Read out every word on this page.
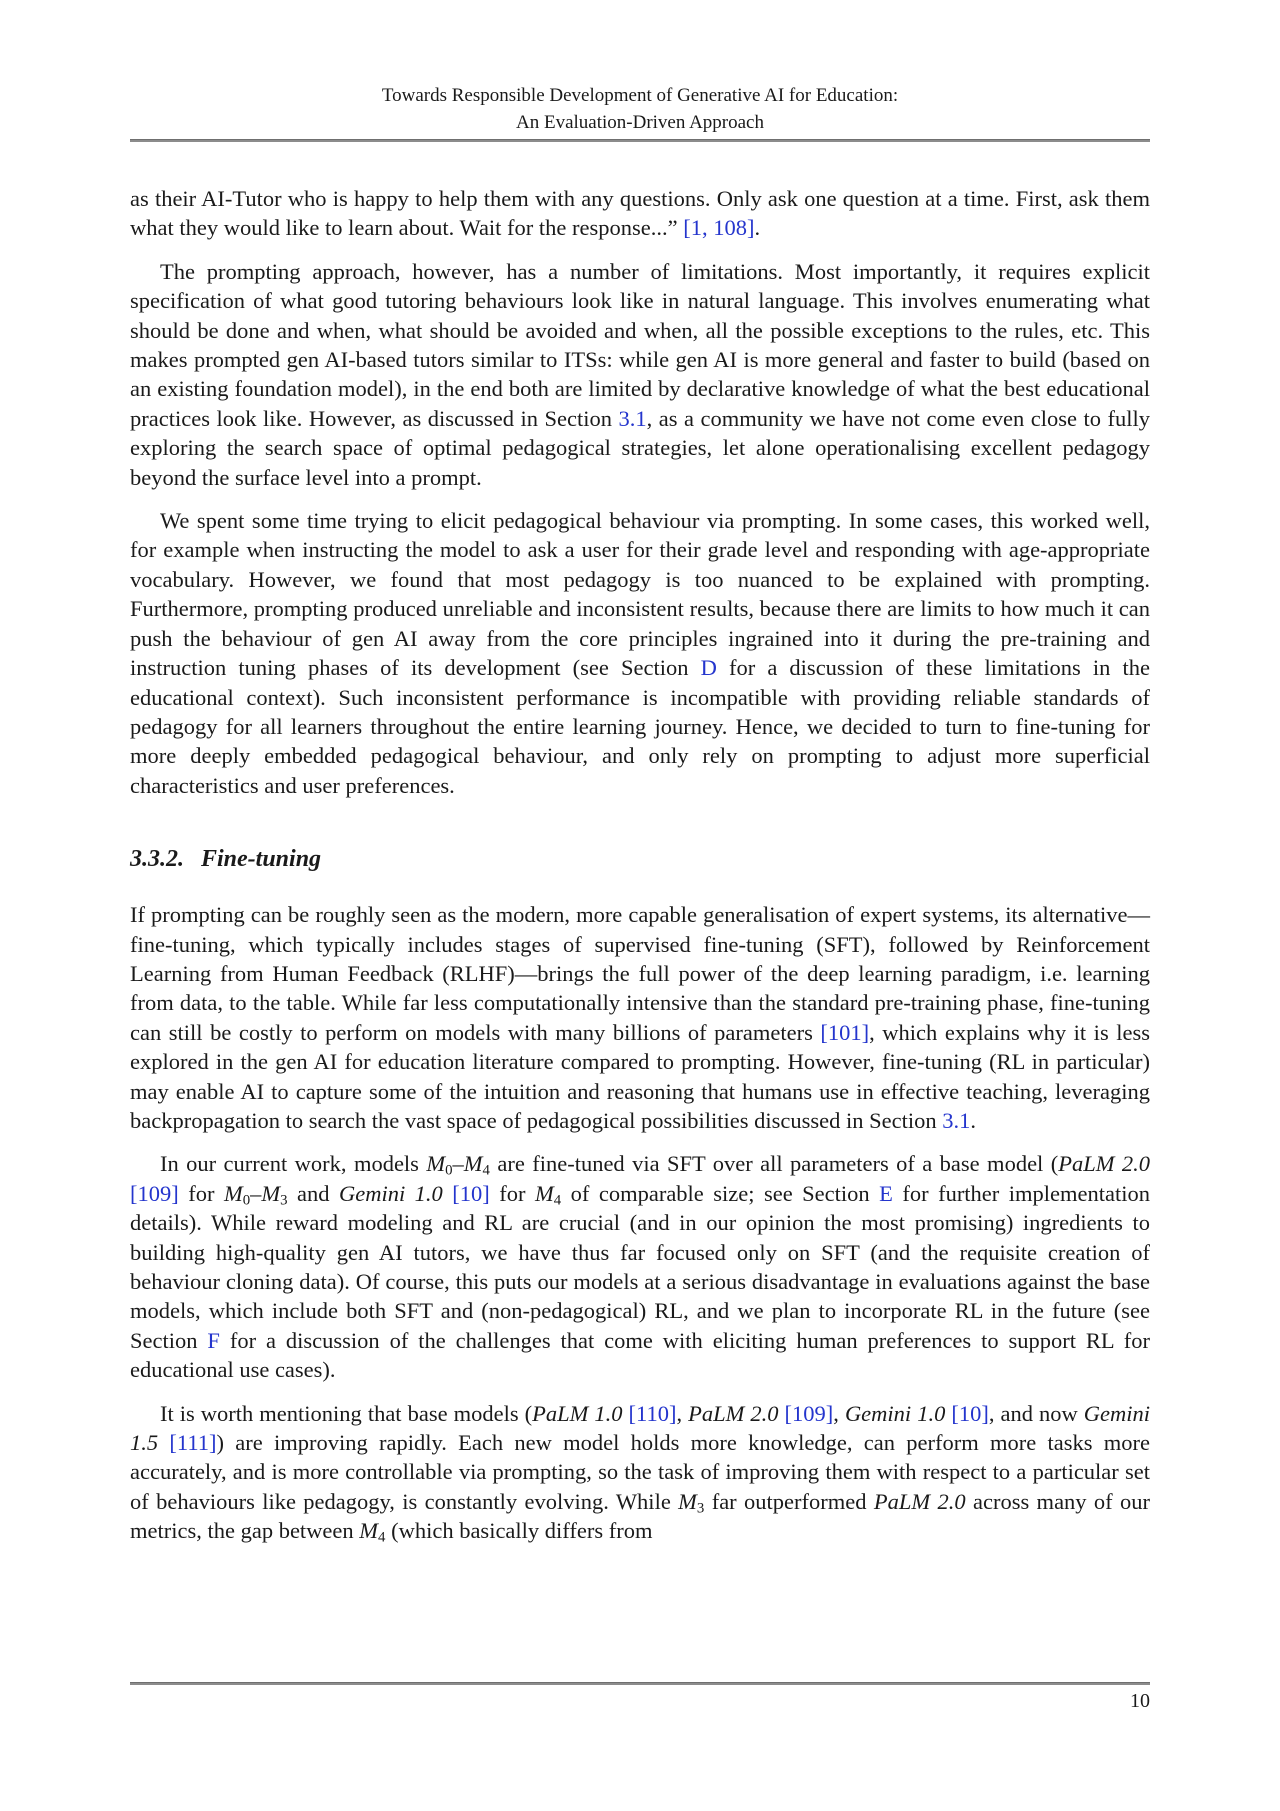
Towards Responsible Development of Generative AI for Education:
An Evaluation-Driven Approach

as their AI-Tutor who is happy to help them with any questions. Only ask one question at a time. First, ask them what they would like to learn about. Wait for the response...” [1, 108].

The prompting approach, however, has a number of limitations. Most importantly, it requires explicit specification of what good tutoring behaviours look like in natural language. This involves enumerating what should be done and when, what should be avoided and when, all the possible exceptions to the rules, etc. This makes prompted gen AI-based tutors similar to ITSs: while gen AI is more general and faster to build (based on an existing foundation model), in the end both are limited by declarative knowledge of what the best educational practices look like. However, as discussed in Section 3.1, as a community we have not come even close to fully exploring the search space of optimal pedagogical strategies, let alone operationalising excellent pedagogy beyond the surface level into a prompt.

We spent some time trying to elicit pedagogical behaviour via prompting. In some cases, this worked well, for example when instructing the model to ask a user for their grade level and responding with age-appropriate vocabulary. However, we found that most pedagogy is too nuanced to be explained with prompting. Furthermore, prompting produced unreliable and inconsistent results, because there are limits to how much it can push the behaviour of gen AI away from the core principles ingrained into it during the pre-training and instruction tuning phases of its development (see Section D for a discussion of these limitations in the educational context). Such inconsistent performance is incompatible with providing reliable standards of pedagogy for all learners throughout the entire learning journey. Hence, we decided to turn to fine-tuning for more deeply embedded pedagogical behaviour, and only rely on prompting to adjust more superficial characteristics and user preferences.

3.3.2. Fine-tuning

If prompting can be roughly seen as the modern, more capable generalisation of expert systems, its alternative—fine-tuning, which typically includes stages of supervised fine-tuning (SFT), followed by Reinforcement Learning from Human Feedback (RLHF)—brings the full power of the deep learning paradigm, i.e. learning from data, to the table. While far less computationally intensive than the standard pre-training phase, fine-tuning can still be costly to perform on models with many billions of parameters [101], which explains why it is less explored in the gen AI for education literature compared to prompting. However, fine-tuning (RL in particular) may enable AI to capture some of the intuition and reasoning that humans use in effective teaching, leveraging backpropagation to search the vast space of pedagogical possibilities discussed in Section 3.1.

In our current work, models $M_0-M_4$ are fine-tuned via SFT over all parameters of a base model (PaLM 2.0 [109] for $M_0-M_3$ and Gemini 1.0 [10] for $M_4$ of comparable size; see Section E for further implementation details). While reward modeling and RL are crucial (and in our opinion the most promising) ingredients to building high-quality gen AI tutors, we have thus far focused only on SFT (and the requisite creation of behaviour cloning data). Of course, this puts our models at a serious disadvantage in evaluations against the base models, which include both SFT and (non-pedagogical) RL, and we plan to incorporate RL in the future (see Section F for a discussion of the challenges that come with eliciting human preferences to support RL for educational use cases).

It is worth mentioning that base models (PaLM 1.0 [110], PaLM 2.0 [109], Gemini 1.0 [10], and now Gemini 1.5 [111]) are improving rapidly. Each new model holds more knowledge, can perform more tasks more accurately, and is more controllable via prompting, so the task of improving them with respect to a particular set of behaviours like pedagogy, is constantly evolving. While $M_3$ far outperformed PaLM 2.0 across many of our metrics, the gap between $M_4$ (which basically differs from

10
